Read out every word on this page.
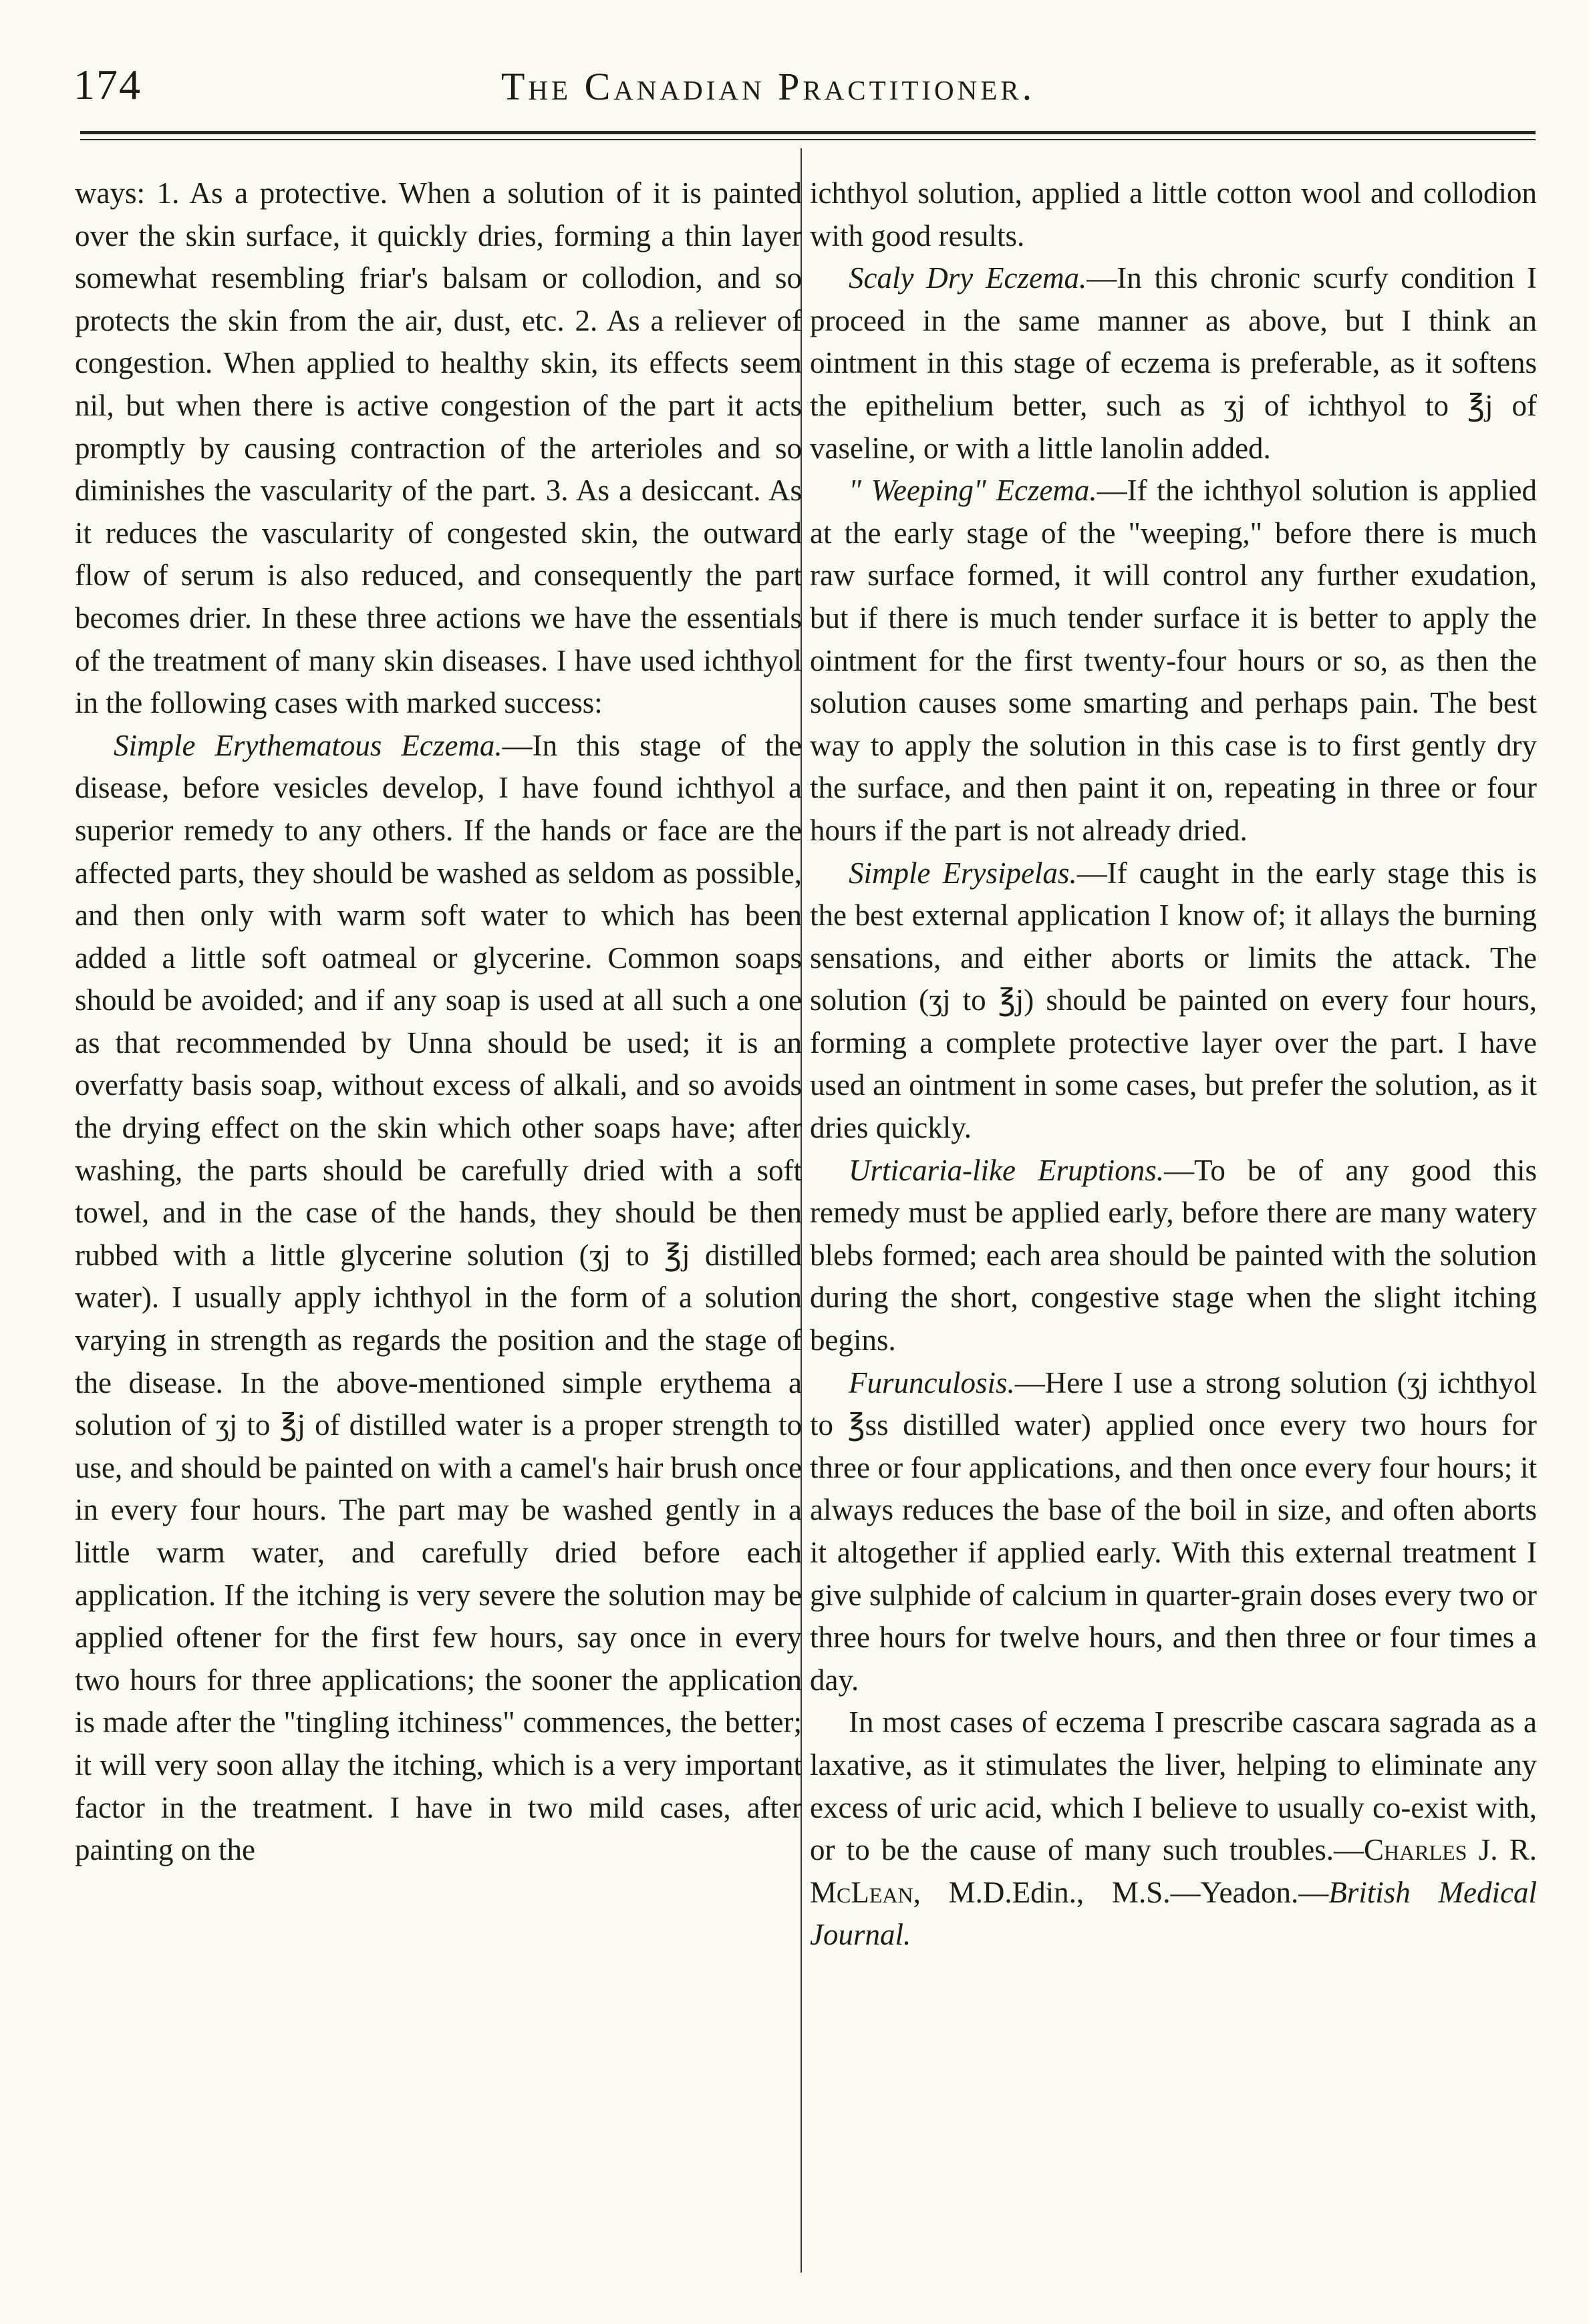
174	The Canadian Practitioner.

ways: 1. As a protective. When a solution of it is painted over the skin surface, it quickly dries, forming a thin layer somewhat resembling friar's balsam or collodion, and so protects the skin from the air, dust, etc. 2. As a reliever of congestion. When applied to healthy skin, its effects seem nil, but when there is active congestion of the part it acts promptly by causing contraction of the arterioles and so diminishes the vascularity of the part. 3. As a desiccant. As it reduces the vascularity of congested skin, the outward flow of serum is also reduced, and consequently the part becomes drier. In these three actions we have the essentials of the treatment of many skin diseases. I have used ichthyol in the following cases with marked success:

Simple Erythematous Eczema.—In this stage of the disease, before vesicles develop, I have found ichthyol a superior remedy to any others. If the hands or face are the affected parts, they should be washed as seldom as possible, and then only with warm soft water to which has been added a little soft oatmeal or glycerine. Common soaps should be avoided; and if any soap is used at all such a one as that recommended by Unna should be used; it is an overfatty basis soap, without excess of alkali, and so avoids the drying effect on the skin which other soaps have; after washing, the parts should be carefully dried with a soft towel, and in the case of the hands, they should be then rubbed with a little glycerine solution (ʒj to ℥j distilled water). I usually apply ichthyol in the form of a solution varying in strength as regards the position and the stage of the disease. In the above-mentioned simple erythema a solution of ʒj to ℥j of distilled water is a proper strength to use, and should be painted on with a camel's hair brush once in every four hours. The part may be washed gently in a little warm water, and carefully dried before each application. If the itching is very severe the solution may be applied oftener for the first few hours, say once in every two hours for three applications; the sooner the application is made after the "tingling itchiness" commences, the better; it will very soon allay the itching, which is a very important factor in the treatment. I have in two mild cases, after painting on the

ichthyol solution, applied a little cotton wool and collodion with good results.

Scaly Dry Eczema.—In this chronic scurfy condition I proceed in the same manner as above, but I think an ointment in this stage of eczema is preferable, as it softens the epithelium better, such as ʒj of ichthyol to ℥j of vaseline, or with a little lanolin added.

" Weeping" Eczema.—If the ichthyol solution is applied at the early stage of the "weeping," before there is much raw surface formed, it will control any further exudation, but if there is much tender surface it is better to apply the ointment for the first twenty-four hours or so, as then the solution causes some smarting and perhaps pain. The best way to apply the solution in this case is to first gently dry the surface, and then paint it on, repeating in three or four hours if the part is not already dried.

Simple Erysipelas.—If caught in the early stage this is the best external application I know of; it allays the burning sensations, and either aborts or limits the attack. The solution (ʒj to ℥j) should be painted on every four hours, forming a complete protective layer over the part. I have used an ointment in some cases, but prefer the solution, as it dries quickly.

Urticaria-like Eruptions.—To be of any good this remedy must be applied early, before there are many watery blebs formed; each area should be painted with the solution during the short, congestive stage when the slight itching begins.

Furunculosis.—Here I use a strong solution (ʒj ichthyol to ℥ss distilled water) applied once every two hours for three or four applications, and then once every four hours; it always reduces the base of the boil in size, and often aborts it altogether if applied early. With this external treatment I give sulphide of calcium in quarter-grain doses every two or three hours for twelve hours, and then three or four times a day.

In most cases of eczema I prescribe cascara sagrada as a laxative, as it stimulates the liver, helping to eliminate any excess of uric acid, which I believe to usually co-exist with, or to be the cause of many such troubles.—Charles J. R. McLean, M.D.Edin., M.S.—Yeadon.—British Medical Journal.
